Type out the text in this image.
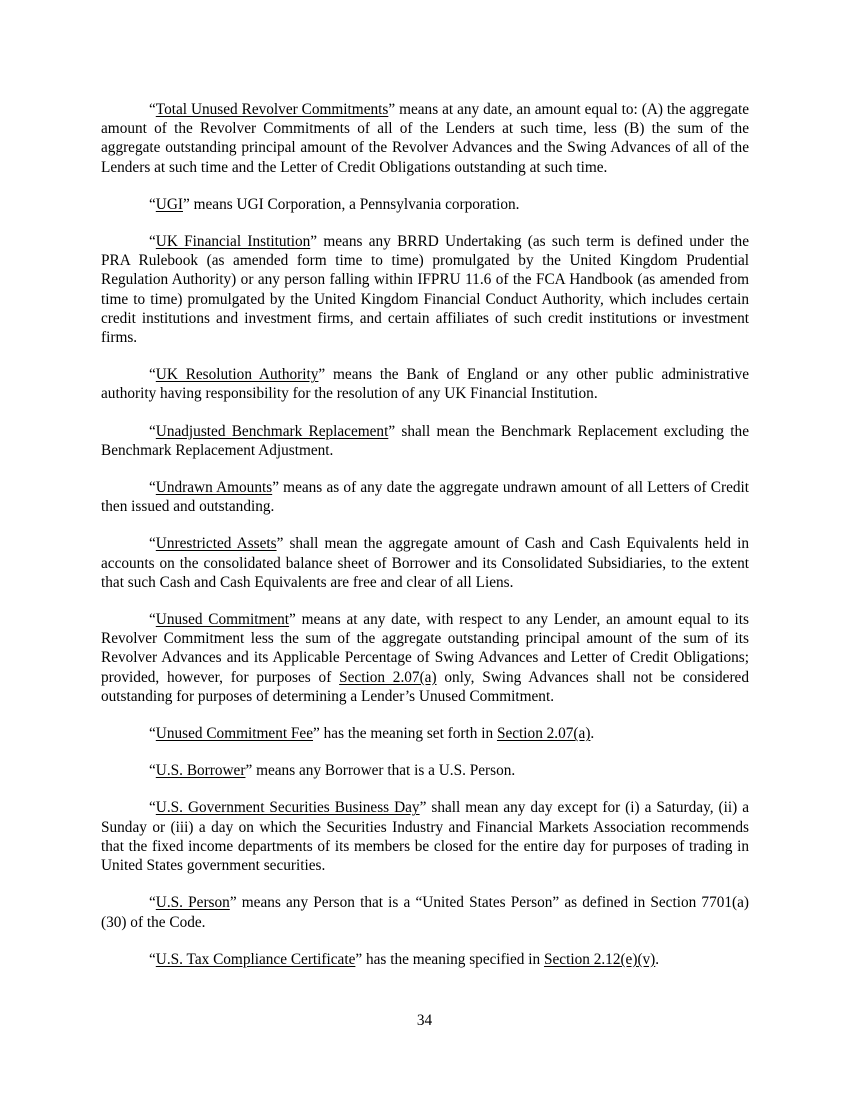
“Total Unused Revolver Commitments” means at any date, an amount equal to: (A) the aggregate amount of the Revolver Commitments of all of the Lenders at such time, less (B) the sum of the aggregate outstanding principal amount of the Revolver Advances and the Swing Advances of all of the Lenders at such time and the Letter of Credit Obligations outstanding at such time.

“UGI” means UGI Corporation, a Pennsylvania corporation.

“UK Financial Institution” means any BRRD Undertaking (as such term is defined under the PRA Rulebook (as amended form time to time) promulgated by the United Kingdom Prudential Regulation Authority) or any person falling within IFPRU 11.6 of the FCA Handbook (as amended from time to time) promulgated by the United Kingdom Financial Conduct Authority, which includes certain credit institutions and investment firms, and certain affiliates of such credit institutions or investment firms.

“UK Resolution Authority” means the Bank of England or any other public administrative authority having responsibility for the resolution of any UK Financial Institution.

“Unadjusted Benchmark Replacement” shall mean the Benchmark Replacement excluding the Benchmark Replacement Adjustment.

“Undrawn Amounts” means as of any date the aggregate undrawn amount of all Letters of Credit then issued and outstanding.

“Unrestricted Assets” shall mean the aggregate amount of Cash and Cash Equivalents held in accounts on the consolidated balance sheet of Borrower and its Consolidated Subsidiaries, to the extent that such Cash and Cash Equivalents are free and clear of all Liens.

“Unused Commitment” means at any date, with respect to any Lender, an amount equal to its Revolver Commitment less the sum of the aggregate outstanding principal amount of the sum of its Revolver Advances and its Applicable Percentage of Swing Advances and Letter of Credit Obligations; provided, however, for purposes of Section 2.07(a) only, Swing Advances shall not be considered outstanding for purposes of determining a Lender’s Unused Commitment.

“Unused Commitment Fee” has the meaning set forth in Section 2.07(a).

“U.S. Borrower” means any Borrower that is a U.S. Person.

“U.S. Government Securities Business Day” shall mean any day except for (i) a Saturday, (ii) a Sunday or (iii) a day on which the Securities Industry and Financial Markets Association recommends that the fixed income departments of its members be closed for the entire day for purposes of trading in United States government securities.

“U.S. Person” means any Person that is a “United States Person” as defined in Section 7701(a)(30) of the Code.

“U.S. Tax Compliance Certificate” has the meaning specified in Section 2.12(e)(v).

34
